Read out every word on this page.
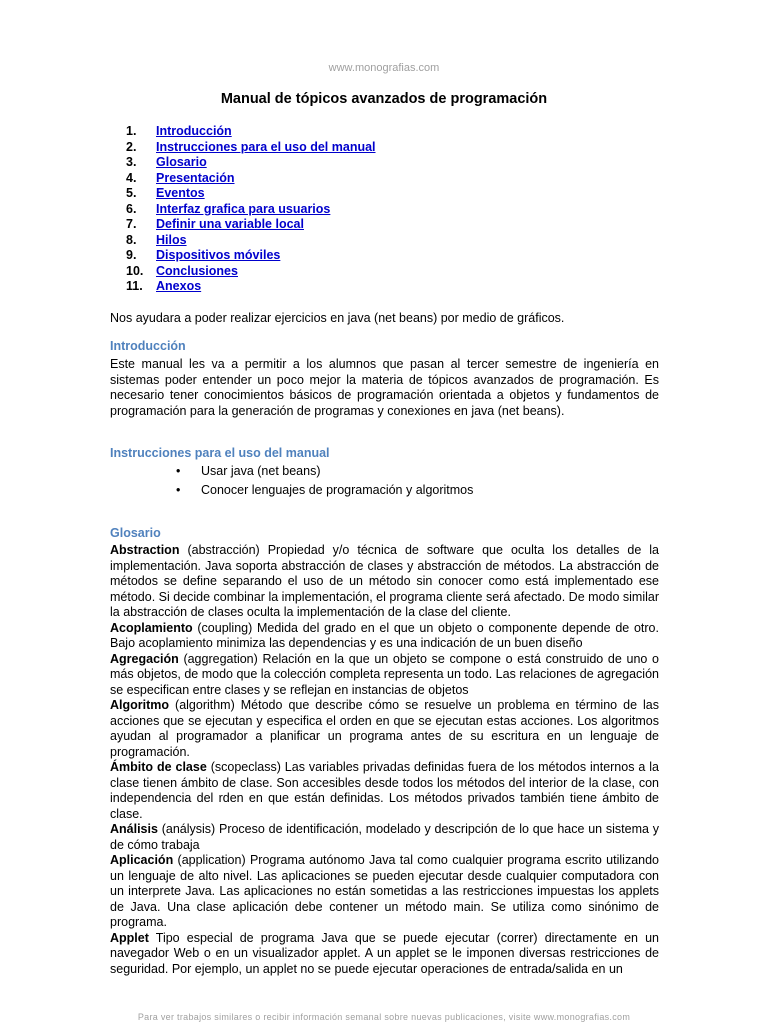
www.monografias.com
Manual de tópicos avanzados de programación
1.	Introducción
2.	Instrucciones para el uso del manual
3.	Glosario
4.	Presentación
5.	Eventos
6.	Interfaz grafica para usuarios
7.	Definir una variable local
8.	Hilos
9.	Dispositivos móviles
10.	Conclusiones
11.	Anexos
Nos ayudara a poder realizar ejercicios en java (net beans) por medio de gráficos.
Introducción
Este manual les va a permitir a los alumnos que pasan al tercer semestre de ingeniería en sistemas poder entender un poco mejor la materia de tópicos avanzados de programación. Es necesario tener conocimientos básicos de programación orientada a objetos y fundamentos de programación para la generación de programas y conexiones en java (net beans).
Instrucciones para el uso del manual
•	Usar java (net beans)
•	Conocer lenguajes de programación y algoritmos
Glosario

Abstraction (abstracción) Propiedad y/o técnica de software que oculta los detalles de la implementación. Java soporta abstracción de clases y abstracción de métodos. La abstracción de métodos se define separando el uso de un método sin conocer como está implementado ese método. Si decide combinar la implementación, el programa cliente será afectado. De modo similar la abstracción de clases oculta la implementación de la clase del cliente.

Acoplamiento (coupling) Medida del grado en el que un objeto o componente depende de otro. Bajo acoplamiento minimiza las dependencias y es una indicación de un buen diseño

Agregación (aggregation) Relación en la que un objeto se compone o está construido de uno o más objetos, de modo que la colección completa representa un todo. Las relaciones de agregación se especifican entre clases y se reflejan en instancias de objetos

Algoritmo (algorithm) Método que describe cómo se resuelve un problema en término de las acciones que se ejecutan y especifica el orden en que se ejecutan estas acciones. Los algoritmos ayudan al programador a planificar un programa antes de su escritura en un lenguaje de programación.

Ámbito de clase (scopeclass) Las variables privadas definidas fuera de los métodos internos a la clase tienen ámbito de clase. Son accesibles desde todos los métodos del interior de la clase, con independencia del rden en que están definidas. Los métodos privados también tiene ámbito de clase.

Análisis (análysis) Proceso de identificación, modelado y descripción de lo que hace un sistema y de cómo trabaja

Aplicación (application) Programa autónomo Java tal como cualquier programa escrito utilizando un lenguaje de alto nivel. Las aplicaciones se pueden ejecutar desde cualquier computadora con un interprete Java. Las aplicaciones no están sometidas a las restricciones impuestas los applets de Java. Una clase aplicación debe contener un método main. Se utiliza como sinónimo de programa.

Applet Tipo especial de programa Java que se puede ejecutar (correr) directamente en un navegador Web o en un visualizador applet. A un applet se le imponen diversas restricciones de seguridad. Por ejemplo, un applet no se puede ejecutar operaciones de entrada/salida en un

Para ver trabajos similares o recibir información semanal sobre nuevas publicaciones, visite www.monografias.com
